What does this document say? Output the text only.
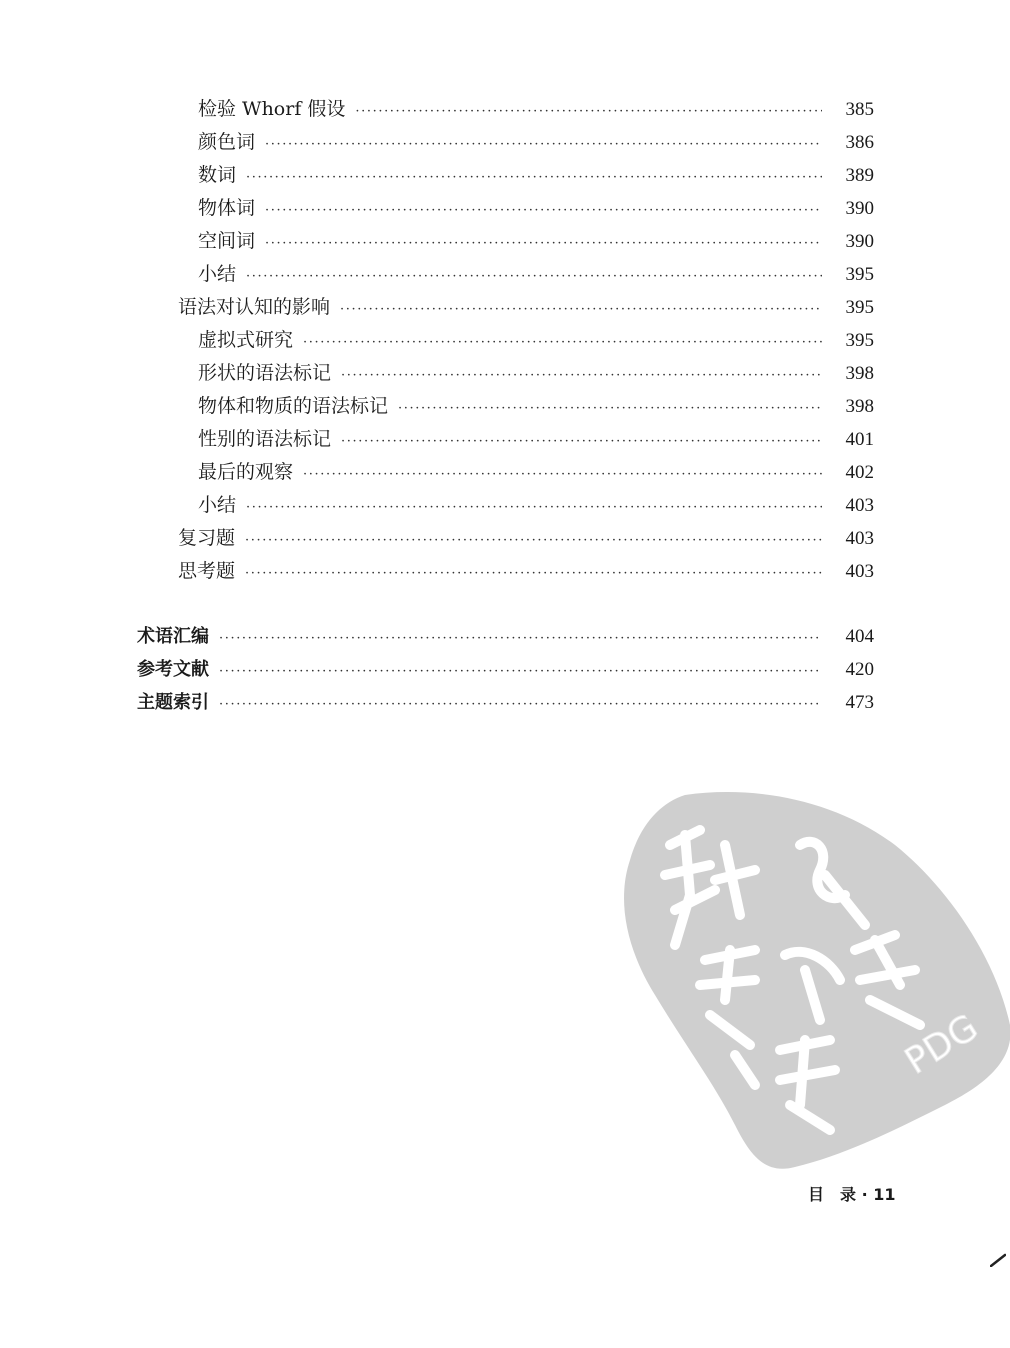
检验 Whorf 假设 ·····	385
颜色词 ·····	386
数词 ·····	389
物体词 ·····	390
空间词 ·····	390
小结 ·····	395
语法对认知的影响 ·····	395
虚拟式研究 ·····	395
形状的语法标记 ·····	398
物体和物质的语法标记 ·····	398
性别的语法标记 ·····	401
最后的观察 ·····	402
小结 ·····	403
复习题 ·····	403
思考题 ·····	403
术语汇编 ·····	404
参考文献 ·····	420
主题索引 ·····	473
PDG
目　录 · 11
